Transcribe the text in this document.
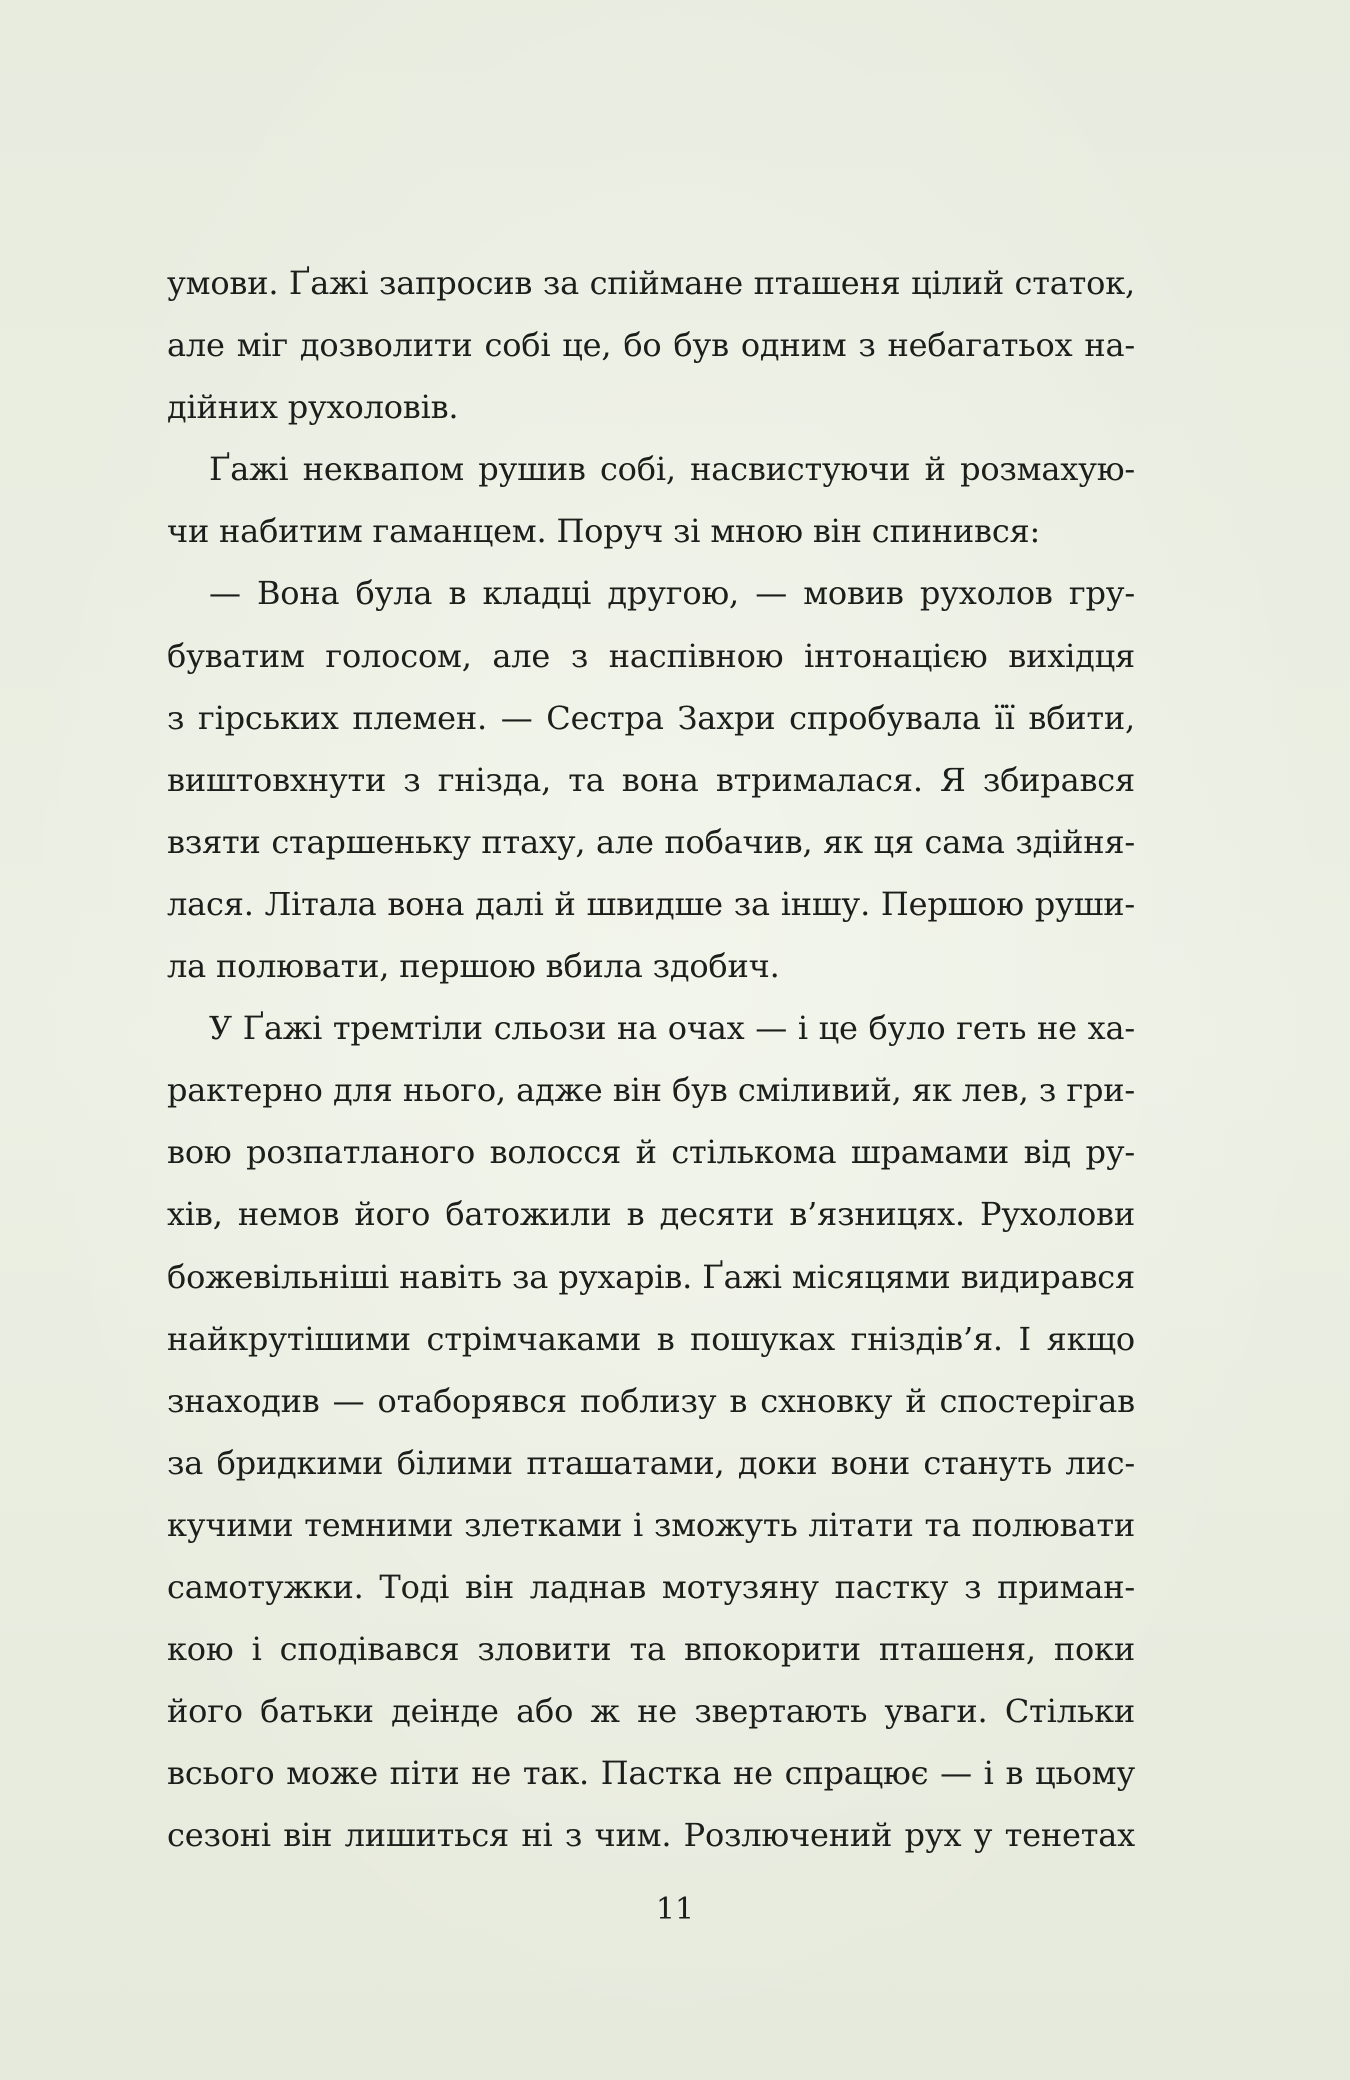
умови. Ґажі запросив за спійманe пташеня цілий статок,
але міг дозволити собі це, бо був одним з небагатьох на-
дійних рухоловів.
Ґажі неквапом рушив собі, насвистуючи й розмахую-
чи набитим гаманцем. Поруч зі мною він спинився:
— Вона була в кладці другою, — мовив рухолов гру-
буватим голосом, але з наспівною інтонацією вихідця
з гірських племен. — Сестра Захри спробувала її вбити,
виштовхнути з гнізда, та вона втрималася. Я збирався
взяти старшеньку птаху, але побачив, як ця сама здійня-
лася. Літала вона далі й швидше за іншу. Першою руши-
ла полювати, першою вбила здобич.
У Ґажі тремтіли сльози на очах — і це було геть не ха-
рактерно для нього, адже він був сміливий, як лев, з гри-
вою розпатланого волосся й стількома шрамами від ру-
хів, немов його батожили в десяти в’язницях. Рухолови
божевільніші навіть за рухарів. Ґажі місяцями видирався
найкрутішими стрімчаками в пошуках гніздів’я. І якщо
знаходив — отаборявся поблизу в схновку й спостерігав
за бридкими білими пташатами, доки вони стануть лис-
кучими темними злетками і зможуть літати та полювати
самотужки. Тоді він ладнав мотузяну пастку з приман-
кою і сподівався зловити та впокорити пташеня, поки
його батьки деінде або ж не звертають уваги. Стільки
всього може піти не так. Пастка не спрацює — і в цьому
сезоні він лишиться ні з чим. Розлючений рух у тенетах
11
